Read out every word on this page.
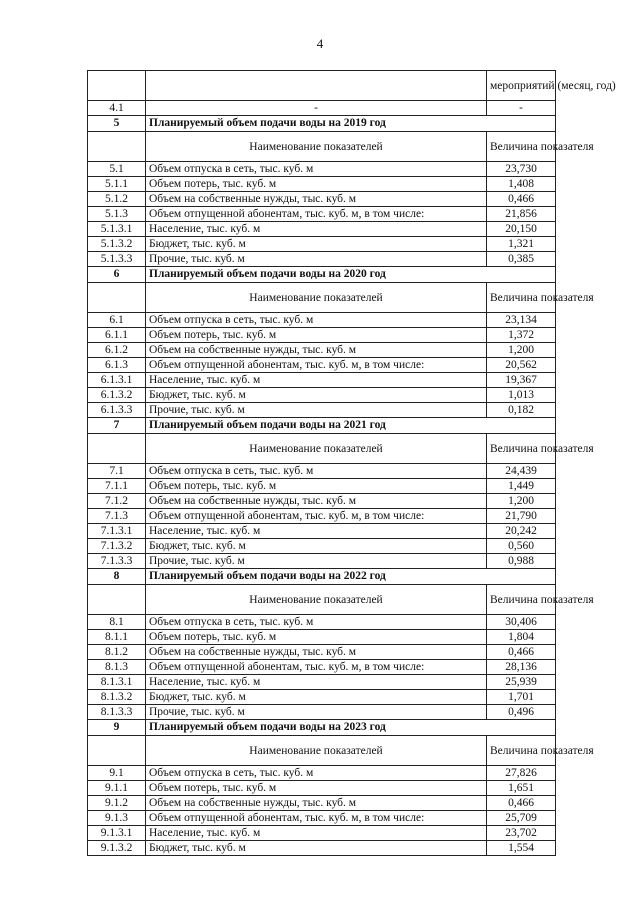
4
		мероприятий (месяц, год)
4.1	-	-
5	Планируемый объем подачи воды на 2019 год	
	Наименование показателей	Величина показателя
5.1	Объем отпуска в сеть, тыс. куб. м	23,730
5.1.1	Объем потерь, тыс. куб. м	1,408
5.1.2	Объем на собственные нужды, тыс. куб. м	0,466
5.1.3	Объем отпущенной абонентам, тыс. куб. м, в том числе:	21,856
5.1.3.1	Население, тыс. куб. м	20,150
5.1.3.2	Бюджет, тыс. куб. м	1,321
5.1.3.3	Прочие, тыс. куб. м	0,385
6	Планируемый объем подачи воды на 2020 год	
	Наименование показателей	Величина показателя
6.1	Объем отпуска в сеть, тыс. куб. м	23,134
6.1.1	Объем потерь, тыс. куб. м	1,372
6.1.2	Объем на собственные нужды, тыс. куб. м	1,200
6.1.3	Объем отпущенной абонентам, тыс. куб. м, в том числе:	20,562
6.1.3.1	Население, тыс. куб. м	19,367
6.1.3.2	Бюджет, тыс. куб. м	1,013
6.1.3.3	Прочие, тыс. куб. м	0,182
7	Планируемый объем подачи воды на 2021 год	
	Наименование показателей	Величина показателя
7.1	Объем отпуска в сеть, тыс. куб. м	24,439
7.1.1	Объем потерь, тыс. куб. м	1,449
7.1.2	Объем на собственные нужды, тыс. куб. м	1,200
7.1.3	Объем отпущенной абонентам, тыс. куб. м, в том числе:	21,790
7.1.3.1	Население, тыс. куб. м	20,242
7.1.3.2	Бюджет, тыс. куб. м	0,560
7.1.3.3	Прочие, тыс. куб. м	0,988
8	Планируемый объем подачи воды на 2022 год	
	Наименование показателей	Величина показателя
8.1	Объем отпуска в сеть, тыс. куб. м	30,406
8.1.1	Объем потерь, тыс. куб. м	1,804
8.1.2	Объем на собственные нужды, тыс. куб. м	0,466
8.1.3	Объем отпущенной абонентам, тыс. куб. м, в том числе:	28,136
8.1.3.1	Население, тыс. куб. м	25,939
8.1.3.2	Бюджет, тыс. куб. м	1,701
8.1.3.3	Прочие, тыс. куб. м	0,496
9	Планируемый объем подачи воды на 2023 год	
	Наименование показателей	Величина показателя
9.1	Объем отпуска в сеть, тыс. куб. м	27,826
9.1.1	Объем потерь, тыс. куб. м	1,651
9.1.2	Объем на собственные нужды, тыс. куб. м	0,466
9.1.3	Объем отпущенной абонентам, тыс. куб. м, в том числе:	25,709
9.1.3.1	Население, тыс. куб. м	23,702
9.1.3.2	Бюджет, тыс. куб. м	1,554
